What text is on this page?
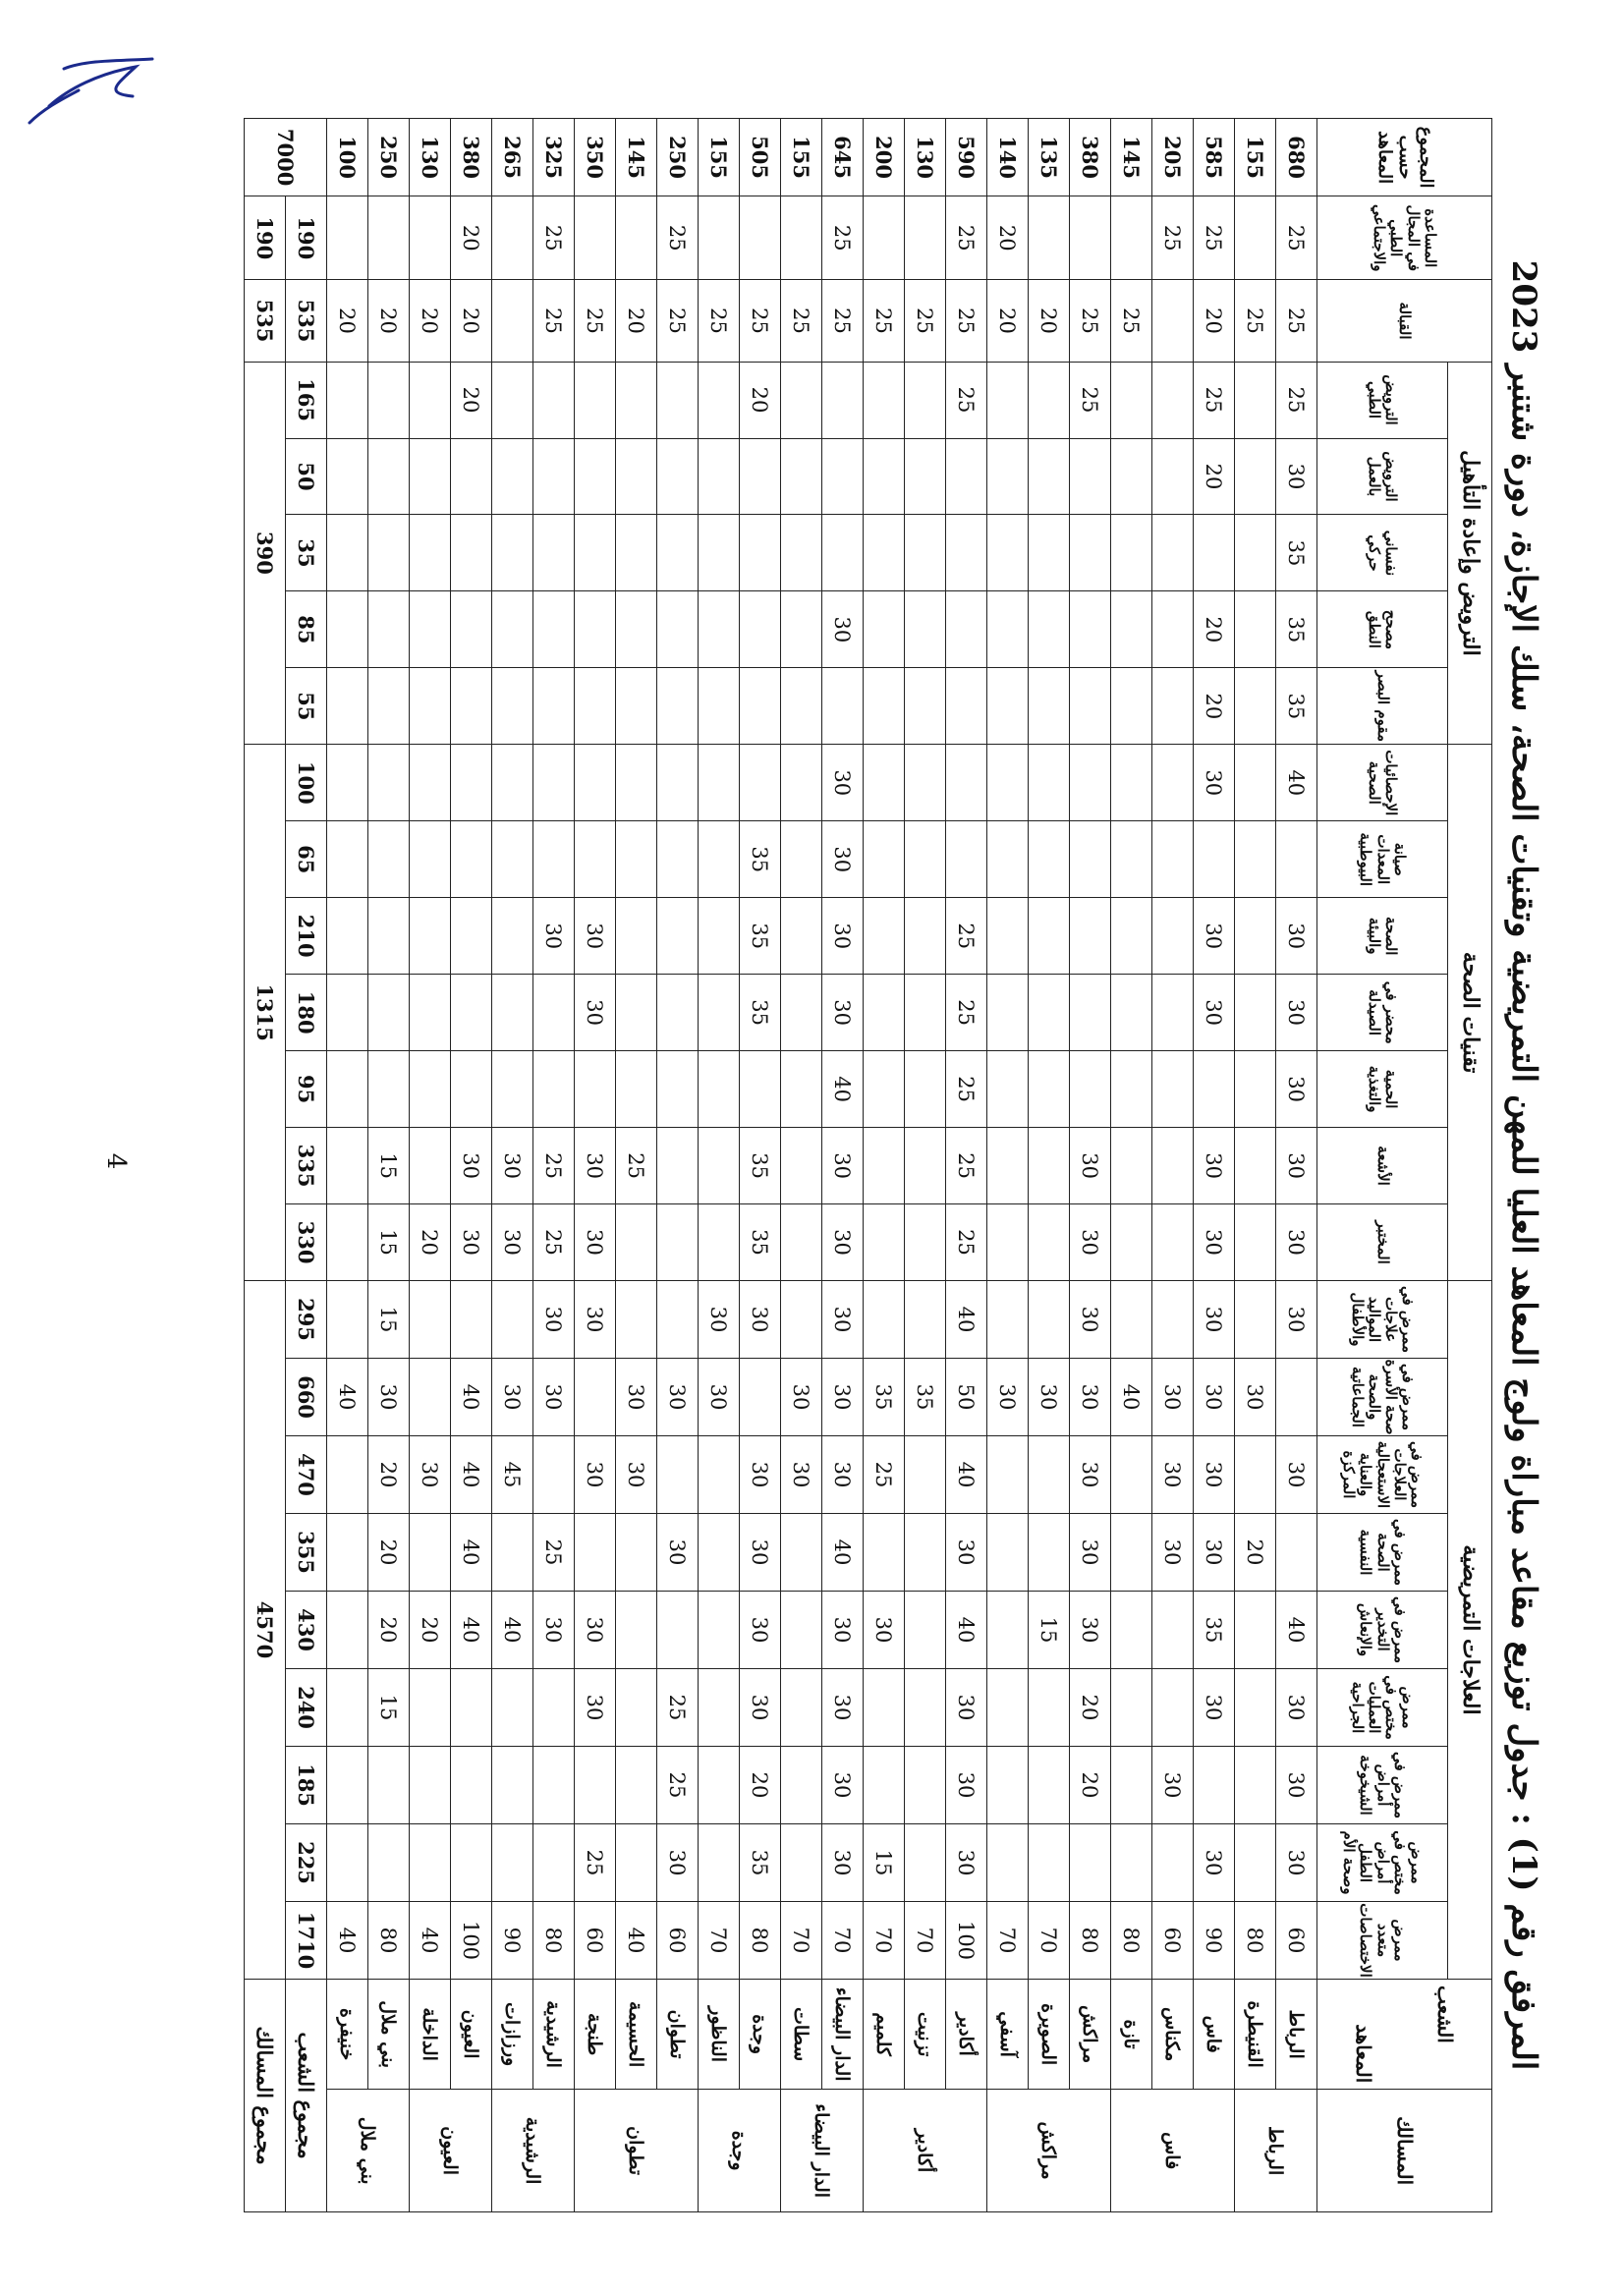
4
المرفق رقم (1) : جدول توزيع مقاعد مباراة ولوج المعاهد العليا للمهن التمريضية وتقنيات الصحة، سلك الإجازة، دورة شتنبر 2023
المسالك	الشعب
المعاهد	العلاجات التمريضية									تقنيات الصحة							الترويض وإعادة التأهيل					القبالة	المساعدة في المجال الطبي والاجتماعي	المجموع حسب المعاهد
		ممرض متعدد الاختصاصات	ممرض مختص في أمراض الطفل وصحة الأم	ممرض في أمراض الشيخوخة	ممرض مختص في العمليات الجراحية	ممرض في التخدير والإنعاش	ممرض في الصحة النفسية	ممرض في العلاجات الاستعجالية والعناية المركزة	ممرض في صحة الأسرة والصحة الجماعاتية	ممرض في علاجات المواليد والأطفال	المختبر	الأشعة	الحمية والتغذية	محضر في الصيدلة	الصحة والبيئة	صيانة المعدات البيوطبية	الإحصائيات الصحية	مقوم البصر	مصحح النطق	نفساني حركي	الترويض بالعمل	الترويض الطبي			
الرباط	الرباط	60	30	30	30	40		30		30	30	30	30	30	30		40	35	35	35	30	25	25	25	680
	القنيطرة	80					20		30														25		155
فاس	فاس	90	30		30	35	30	30	30	30	30	30		30	30		30	20	20		20	25	20	25	585
	مكناس	60		30			30	30	30															25	205
	تازة	80							40														25		145
مراكش	مراكش	80		20	20	30	30	30	30	30	30	30										25	25		380
	الصويرة	70				15			30														20		135
	آسفي	70							30														20	20	140
أكادير	أكادير	100	30	30	30	40	30	40	50	40	25	25	25	25	25							25	25	25	590
	تزنيت	70							35														25		130
	كلميم	70	15			30		25	35														25		200
الدار البيضاء	الدار البيضاء	70	30	30	30	30	40	30	30	30	30	30	40	30	30	30	30		30				25	25	645
	سطات	70						30	30														25		155
وجدة	وجدة	80	35	20	30	30	30	30		30	35	35		35	35	35						20	25		505
	الناظور	70							30	30													25		155
تطوان	تطوان	60	30	25	25		30		30														25	25	250
	الحسيمة	40						30	30			25											20		145
	طنجة	60	25		30	30		30		30	30	30		30	30								25		350
الرشيدية	الرشيدية	80				30	25		30	30	25	25			30								25	25	325
	ورزازات	90				40		45	30		30	30													265
العيون	العيون	100				40	40	40	40		30	30										20	20	20	380
	الداخلة	40				20		30			20												20		130
بني ملال	بني ملال	80			15	20	20	20	30	15	15	15											20		250
	خنيفرة	40							40														20		100
مجموع الشعب		1710	225	185	240	430	355	470	660	295	330	335	95	180	210	65	100	55	85	35	50	165	535	190	7000
مجموع المسالك		4570									1315							390					535	190	
